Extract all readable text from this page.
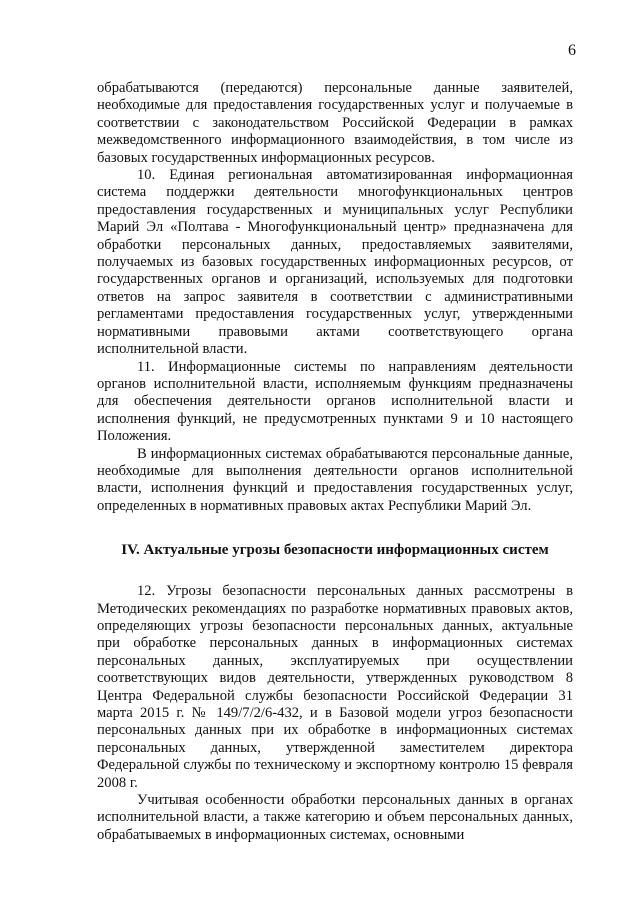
6

обрабатываются (передаются) персональные данные заявителей, необходимые для предоставления государственных услуг и получаемые в соответствии с законодательством Российской Федерации в рамках межведомственного информационного взаимодействия, в том числе из базовых государственных информационных ресурсов.

10. Единая региональная автоматизированная информационная система поддержки деятельности многофункциональных центров предоставления государственных и муниципальных услуг Республики Марий Эл «Полтава - Многофункциональный центр» предназначена для обработки персональных данных, предоставляемых заявителями, получаемых из базовых государственных информационных ресурсов, от государственных органов и организаций, используемых для подготовки ответов на запрос заявителя в соответствии с административными регламентами предоставления государственных услуг, утвержденными нормативными правовыми актами соответствующего органа исполнительной власти.

11. Информационные системы по направлениям деятельности органов исполнительной власти, исполняемым функциям предназначены для обеспечения деятельности органов исполнительной власти и исполнения функций, не предусмотренных пунктами 9 и 10 настоящего Положения.

В информационных системах обрабатываются персональные данные, необходимые для выполнения деятельности органов исполнительной власти, исполнения функций и предоставления государственных услуг, определенных в нормативных правовых актах Республики Марий Эл.

IV. Актуальные угрозы безопасности информационных систем

12. Угрозы безопасности персональных данных рассмотрены в Методических рекомендациях по разработке нормативных правовых актов, определяющих угрозы безопасности персональных данных, актуальные при обработке персональных данных в информационных системах персональных данных, эксплуатируемых при осуществлении соответствующих видов деятельности, утвержденных руководством 8 Центра Федеральной службы безопасности Российской Федерации 31 марта 2015 г. № 149/7/2/6-432, и в Базовой модели угроз безопасности персональных данных при их обработке в информационных системах персональных данных, утвержденной заместителем директора Федеральной службы по техническому и экспортному контролю 15 февраля 2008 г.

Учитывая особенности обработки персональных данных в органах исполнительной власти, а также категорию и объем персональных данных, обрабатываемых в информационных системах, основными
